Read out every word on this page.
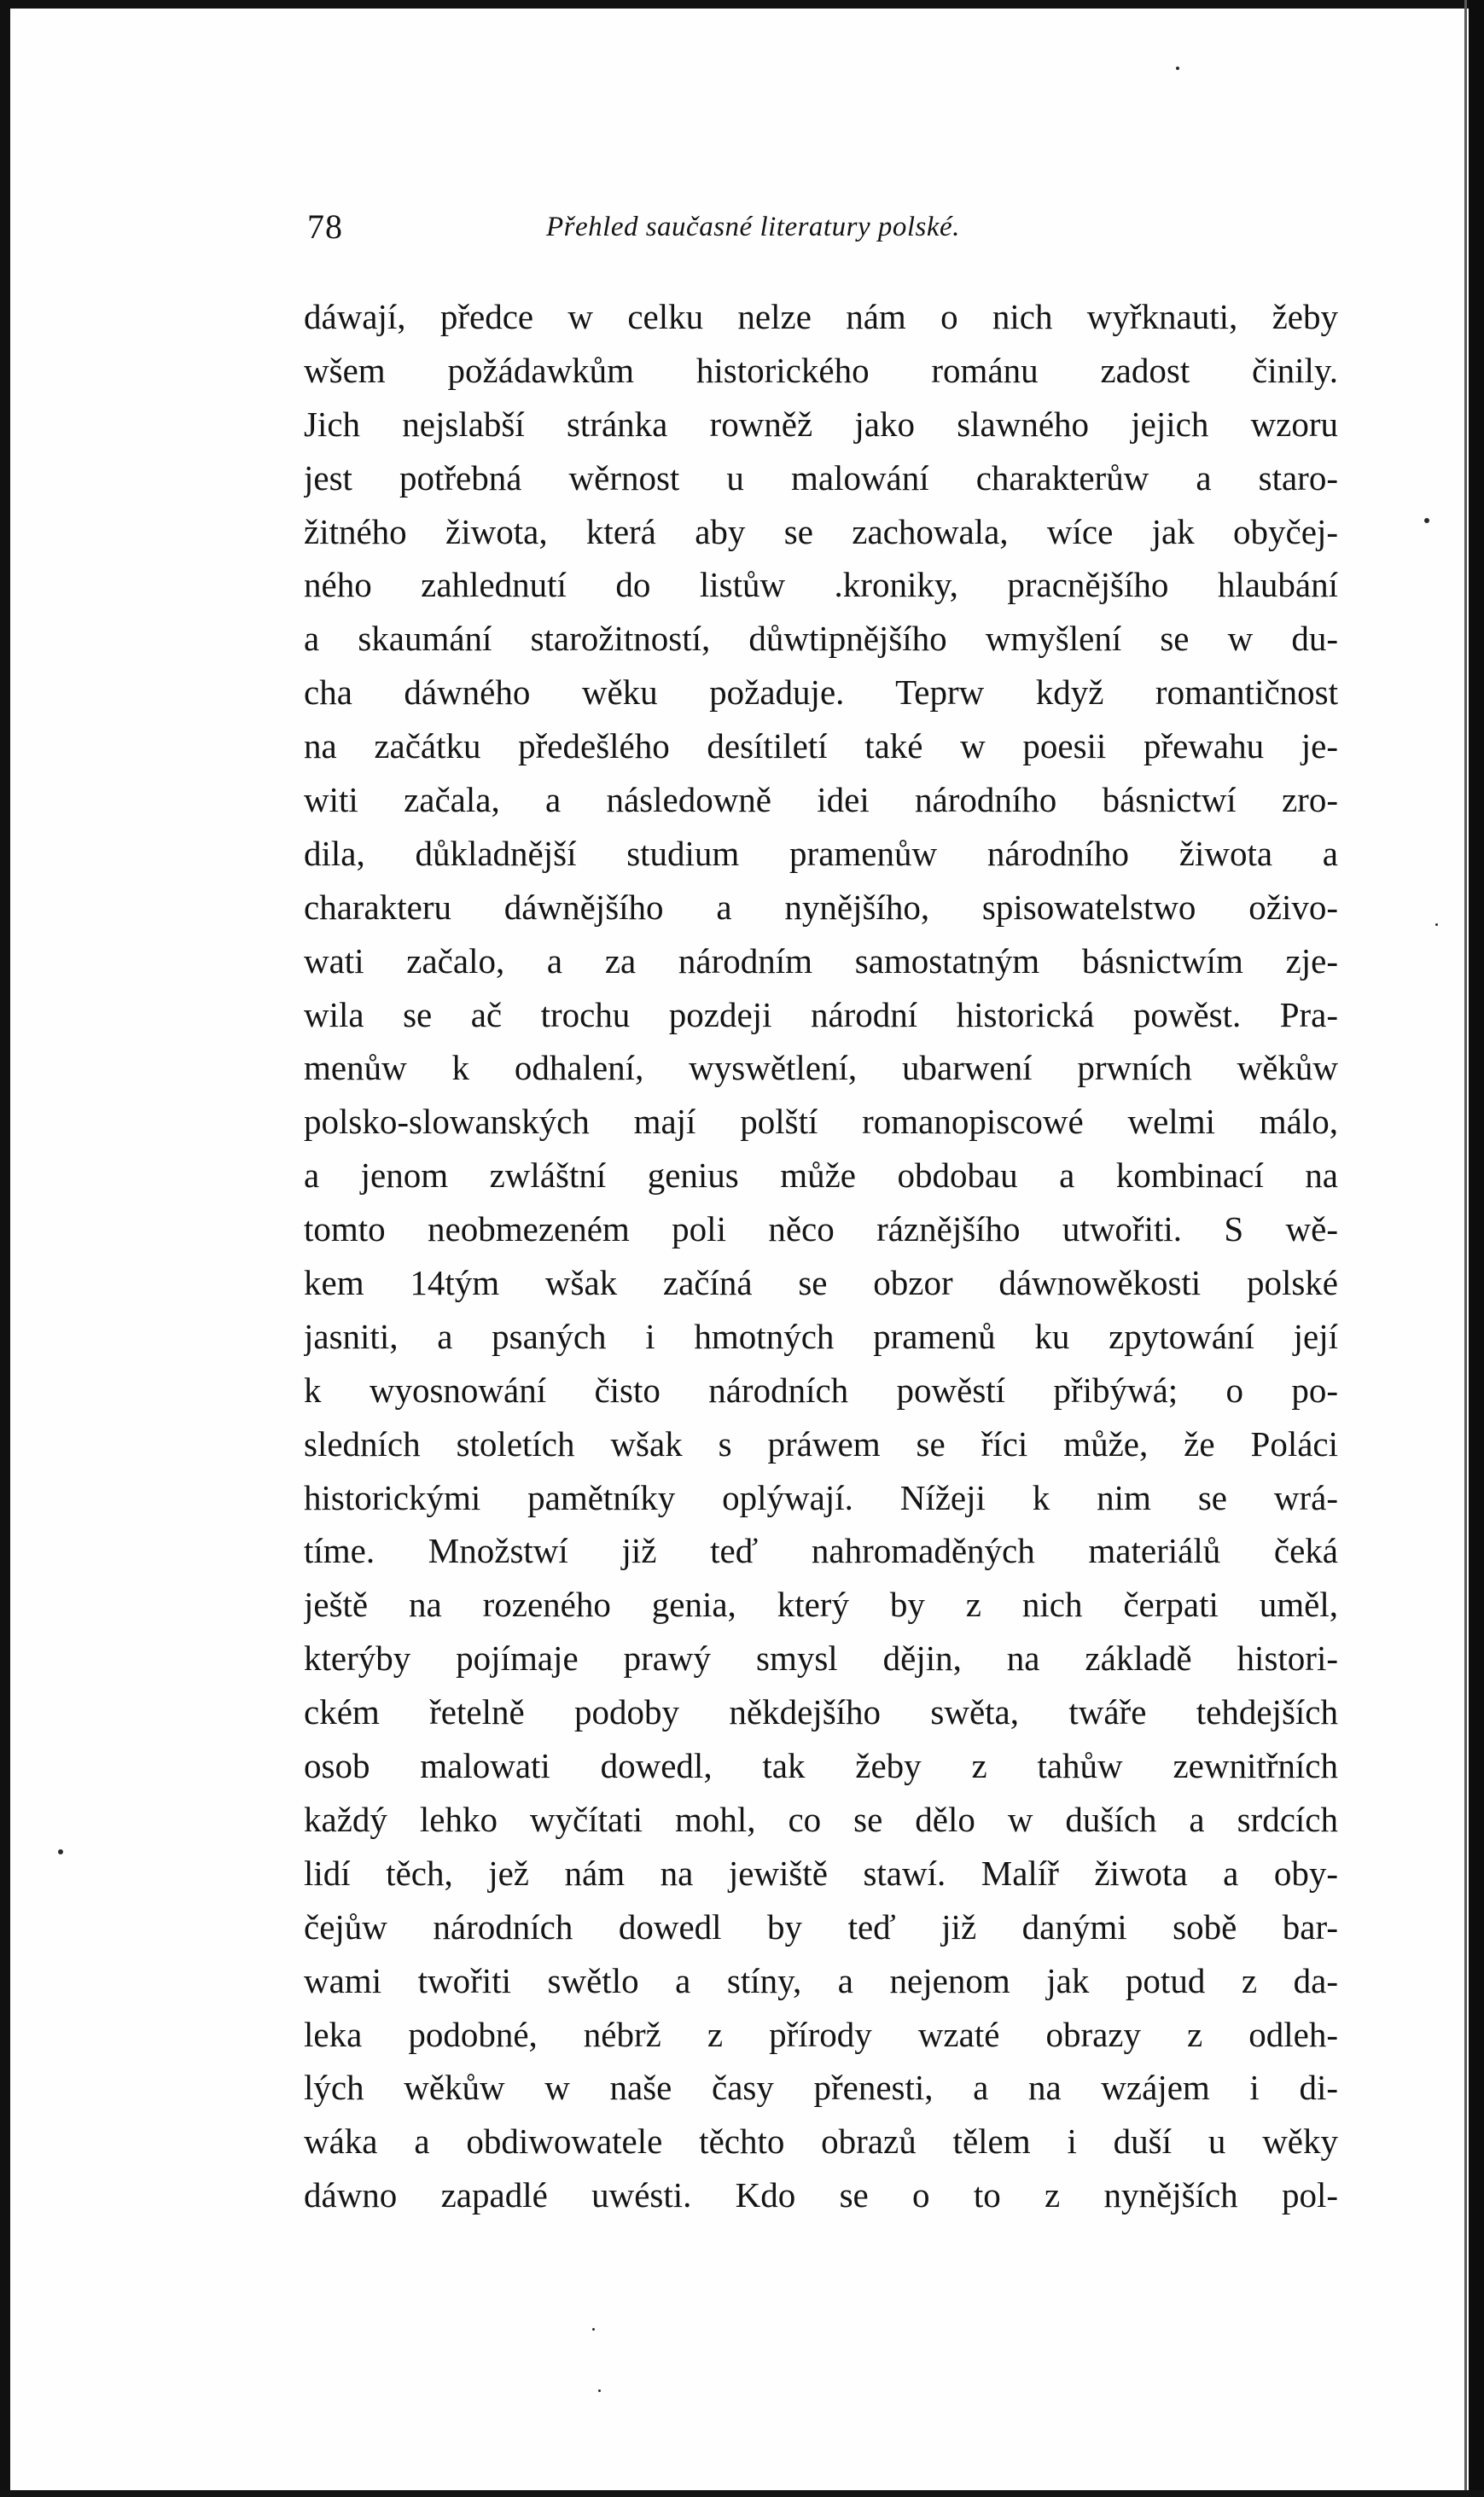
78	Přehled saučasné literatury polské.
dáwají, předce w celku nelze nám o nich wyřknauti, žeby
wšem požádawkům historického románu zadost činily.
Jich nejslabší stránka rowněž jako slawného jejich wzoru
jest potřebná wěrnost u malowání charakterůw a staro-
žitného žiwota, která aby se zachowala, wíce jak obyčej-
ného zahlednutí do listůw .kroniky, pracnějšího hlaubání
a skaumání starožitností, důwtipnějšího wmyšlení se w du-
cha dáwného wěku požaduje. Teprw když romantičnost
na začátku předešlého desítiletí také w poesii přewahu je-
witi začala, a následowně idei národního básnictwí zro-
dila, důkladnější studium pramenůw národního žiwota a
charakteru dáwnějšího a nynějšího, spisowatelstwo oživo-
wati začalo, a za národním samostatným básnictwím zje-
wila se ač trochu pozdeji národní historická powěst. Pra-
menůw k odhalení, wyswětlení, ubarwení prwních wěkůw
polsko-slowanských mají polští romanopiscowé welmi málo,
a jenom zwláštní genius může obdobau a kombinací na
tomto neobmezeném poli něco ráznějšího utwořiti. S wě-
kem 14tým wšak začíná se obzor dáwnowěkosti polské
jasniti, a psaných i hmotných pramenů ku zpytowání její
k wyosnowání čisto národních powěstí přibýwá; o po-
sledních stoletích wšak s práwem se říci může, že Poláci
historickými pamětníky oplýwají. Nížeji k nim se wrá-
tíme. Množstwí již teď nahromaděných materiálů čeká
ještě na rozeného genia, který by z nich čerpati uměl,
kterýby pojímaje prawý smysl dějin, na základě histori-
ckém řetelně podoby někdejšího swěta, twáře tehdejších
osob malowati dowedl, tak žeby z tahůw zewnitřních
každý lehko wyčítati mohl, co se dělo w duších a srdcích
lidí těch, jež nám na jewiště stawí. Malíř žiwota a oby-
čejůw národních dowedl by teď již danými sobě bar-
wami twořiti swětlo a stíny, a nejenom jak potud z da-
leka podobné, nébrž z přírody wzaté obrazy z odleh-
lých wěkůw w naše časy přenesti, a na wzájem i di-
wáka a obdiwowatele těchto obrazů tělem i duší u wěky
dáwno zapadlé uwésti. Kdo se o to z nynějších pol-
